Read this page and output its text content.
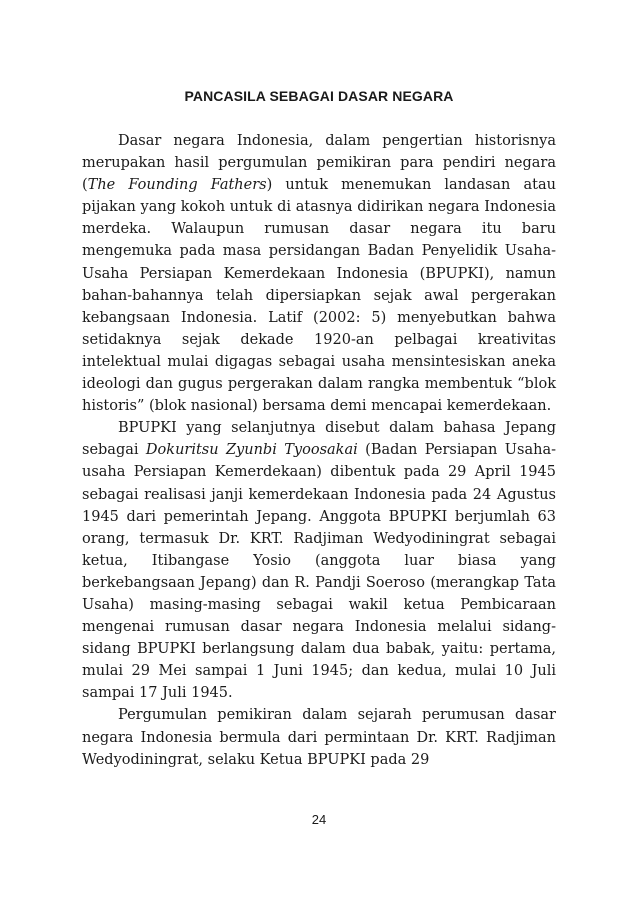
PANCASILA SEBAGAI DASAR NEGARA

Dasar negara Indonesia, dalam pengertian historisnya merupakan hasil pergumulan pemikiran para pendiri negara (The Founding Fathers) untuk menemukan landasan atau pijakan yang kokoh untuk di atasnya didirikan negara Indonesia merdeka. Walaupun rumusan dasar negara itu baru mengemuka pada masa persidangan Badan Penyelidik Usaha-Usaha Persiapan Kemerdekaan Indonesia (BPUPKI), namun bahan-bahannya telah dipersiapkan sejak awal pergerakan kebangsaan Indonesia. Latif (2002: 5) menyebutkan bahwa setidaknya sejak dekade 1920-an pelbagai kreativitas intelektual mulai digagas sebagai usaha mensintesiskan aneka ideologi dan gugus pergerakan dalam rangka membentuk “blok historis” (blok nasional) bersama demi mencapai kemerdekaan.

BPUPKI yang selanjutnya disebut dalam bahasa Jepang sebagai Dokuritsu Zyunbi Tyoosakai (Badan Persiapan Usaha-usaha Persiapan Kemerdekaan) dibentuk pada 29 April 1945 sebagai realisasi janji kemerdekaan Indonesia pada 24 Agustus 1945 dari pemerintah Jepang. Anggota BPUPKI berjumlah 63 orang, termasuk Dr. KRT. Radjiman Wedyodiningrat sebagai ketua, Itibangase Yosio (anggota luar biasa yang berkebangsaan Jepang) dan R. Pandji Soeroso (merangkap Tata Usaha) masing-masing sebagai wakil ketua Pembicaraan mengenai rumusan dasar negara Indonesia melalui sidang-sidang BPUPKI berlangsung dalam dua babak, yaitu: pertama, mulai 29 Mei sampai 1 Juni 1945; dan kedua, mulai 10 Juli sampai 17 Juli 1945.

Pergumulan pemikiran dalam sejarah perumusan dasar negara Indonesia bermula dari permintaan Dr. KRT. Radjiman Wedyodiningrat, selaku Ketua BPUPKI pada 29

24
